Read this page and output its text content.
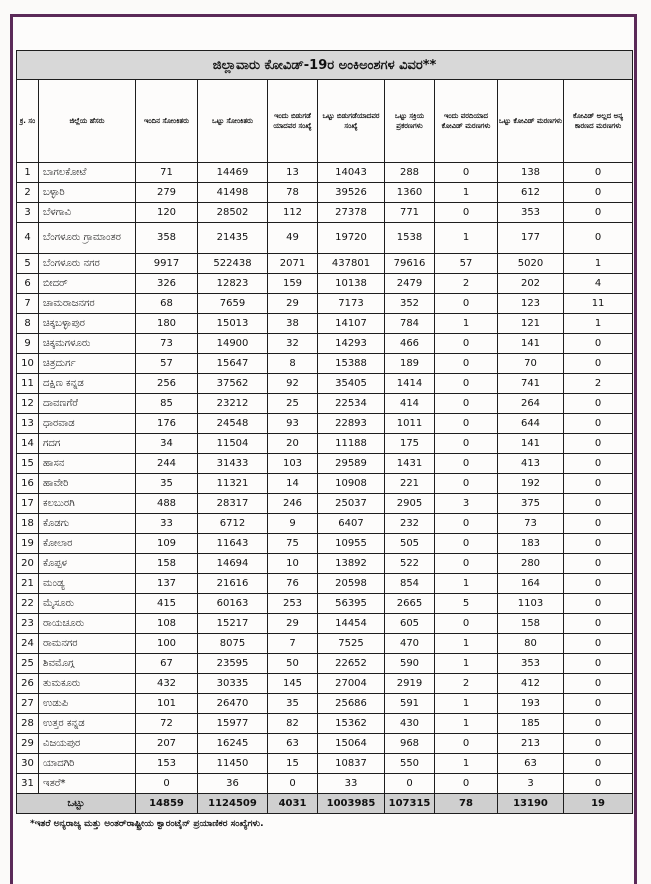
ಜಿಲ್ಲಾವಾರು ಕೋವಿಡ್-19ರ ಅಂಕಿಅಂಶಗಳ ವಿವರ**									
ಕ್ರ. ಸಂ	ಜಿಲ್ಲೆಯ ಹೆಸರು	ಇಂದಿನ ಸೋಂಕಿತರು	ಒಟ್ಟು ಸೋಂಕಿತರು	ಇಂದು ಬಿಡುಗಡೆ ಯಾದವರ ಸಂಖ್ಯೆ	ಒಟ್ಟು ಬಿಡುಗಡೆಯಾದವರ ಸಂಖ್ಯೆ	ಒಟ್ಟು ಸಕ್ರಿಯ ಪ್ರಕರಣಗಳು	ಇಂದು ವರದಿಯಾದ ಕೋವಿಡ್ ಮರಣಗಳು	ಒಟ್ಟು ಕೋವಿಡ್ ಮರಣಗಳು	ಕೋವಿಡ್ ಅಲ್ಲದ ಅನ್ಯ ಕಾರಣದ ಮರಣಗಳು
1	ಬಾಗಲಕೋಟೆ	71	14469	13	14043	288	0	138	0
2	ಬಳ್ಳಾರಿ	279	41498	78	39526	1360	1	612	0
3	ಬೆಳಗಾವಿ	120	28502	112	27378	771	0	353	0
4	ಬೆಂಗಳೂರು ಗ್ರಾಮಾಂತರ	358	21435	49	19720	1538	1	177	0
5	ಬೆಂಗಳೂರು ನಗರ	9917	522438	2071	437801	79616	57	5020	1
6	ಬೀದರ್	326	12823	159	10138	2479	2	202	4
7	ಚಾಮರಾಜನಗರ	68	7659	29	7173	352	0	123	11
8	ಚಿಕ್ಕಬಳ್ಳಾಪುರ	180	15013	38	14107	784	1	121	1
9	ಚಿಕ್ಕಮಗಳೂರು	73	14900	32	14293	466	0	141	0
10	ಚಿತ್ರದುರ್ಗ	57	15647	8	15388	189	0	70	0
11	ದಕ್ಷಿಣ ಕನ್ನಡ	256	37562	92	35405	1414	0	741	2
12	ದಾವಣಗೆರೆ	85	23212	25	22534	414	0	264	0
13	ಧಾರವಾಡ	176	24548	93	22893	1011	0	644	0
14	ಗದಗ	34	11504	20	11188	175	0	141	0
15	ಹಾಸನ	244	31433	103	29589	1431	0	413	0
16	ಹಾವೇರಿ	35	11321	14	10908	221	0	192	0
17	ಕಲಬುರಗಿ	488	28317	246	25037	2905	3	375	0
18	ಕೊಡಗು	33	6712	9	6407	232	0	73	0
19	ಕೋಲಾರ	109	11643	75	10955	505	0	183	0
20	ಕೊಪ್ಪಳ	158	14694	10	13892	522	0	280	0
21	ಮಂಡ್ಯ	137	21616	76	20598	854	1	164	0
22	ಮೈಸೂರು	415	60163	253	56395	2665	5	1103	0
23	ರಾಯಚೂರು	108	15217	29	14454	605	0	158	0
24	ರಾಮನಗರ	100	8075	7	7525	470	1	80	0
25	ಶಿವಮೊಗ್ಗ	67	23595	50	22652	590	1	353	0
26	ತುಮಕೂರು	432	30335	145	27004	2919	2	412	0
27	ಉಡುಪಿ	101	26470	35	25686	591	1	193	0
28	ಉತ್ತರ ಕನ್ನಡ	72	15977	82	15362	430	1	185	0
29	ವಿಜಯಪುರ	207	16245	63	15064	968	0	213	0
30	ಯಾದಗಿರಿ	153	11450	15	10837	550	1	63	0
31	ಇತರೆ*	0	36	0	33	0	0	3	0
ಒಟ್ಟು		14859	1124509	4031	1003985	107315	78	13190	19
*ಇತರೆ ಅನ್ಯರಾಜ್ಯ ಮತ್ತು ಅಂತರ್‌ರಾಷ್ಟ್ರೀಯ ಕ್ವಾರಂಟೈನ್ ಪ್ರಯಾಣಿಕರ ಸಂಖ್ಯೆಗಳು.
